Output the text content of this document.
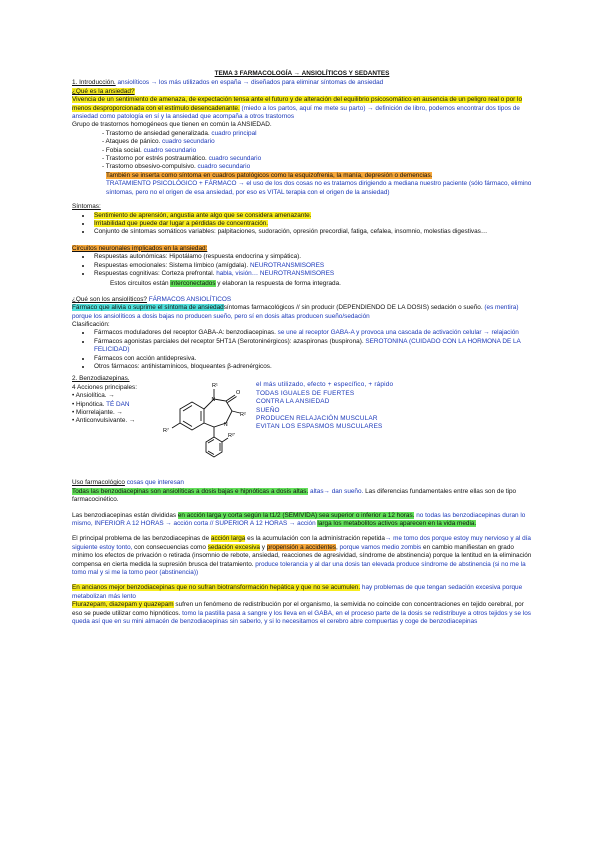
TEMA 3 FARMACOLOGÍA → ANSIOLÍTICOS Y SEDANTES

1. Introducción. ansiolíticos → los más utilizados en españa → diseñados para eliminar síntomas de ansiedad

¿Qué es la ansiedad?

Vivencia de un sentimiento de amenaza, de expectación tensa ante el futuro y de alteración del equilibrio psicosomático en ausencia de un peligro real o por lo menos desproporcionada con el estímulo desencadenante. (miedo a los partos, aquí me mete su parto) → definición de libro, podemos encontrar dos tipos de ansiedad como patología en sí y la ansiedad que acompaña a otros trastornos

Grupo de trastornos homogéneos que tienen en común la ANSIEDAD.

- Trastorno de ansiedad generalizada. cuadro principal

- Ataques de pánico. cuadro secundario

- Fobia social. cuadro secundario

- Trastorno por estrés postraumático. cuadro secundario

- Trastorno obsesivo-compulsivo. cuadro secundario

También se inserta como síntoma en cuadros patológicos como la esquizofrenia, la manía, depresión o demencias.

TRATAMIENTO PSICOLÓGICO + FÁRMACO → el uso de los dos cosas no es tratamos dirigiendo a mediana nuestro paciente (sólo fármaco, elimino síntomas, pero no el origen de esa ansiedad, por eso es VITAL terapia con el origen de la ansiedad)

Síntomas:

• Sentimiento de aprensión, angustia ante algo que se considera amenazante.
• Irritabilidad que puede dar lugar a pérdidas de concentración.
• Conjunto de síntomas somáticos variables: palpitaciones, sudoración, opresión precordial, fatiga, cefalea, insomnio, molestias digestivas…

Circuitos neuronales implicados en la ansiedad:

• Respuestas autonómicas: Hipotálamo (respuesta endocrina y simpática).
• Respuestas emocionales: Sistema límbico (amígdala). NEUROTRANSMISORES
• Respuestas cognitivas: Corteza prefrontal. habla, visión… NEUROTRANSMISORES

Estos circuitos están interconectados y elaboran la respuesta de forma integrada.

¿Qué son los ansiolíticos? FÁRMACOS ANSIOLÍTICOS

Fármaco que alivia o suprime el síntoma de ansiedadsíntomas farmacológicos // sin producir (DEPENDIENDO DE LA DOSIS) sedación o sueño. (es mentira) porque los ansiolíticos a dosis bajas no producen sueño, pero sí en dosis altas producen sueño/sedación

Clasificación:

• Fármacos moduladores del receptor GABA-A: benzodiacepinas. se une al receptor GABA-A y provoca una cascada de activación celular → relajación
• Fármacos agonistas parciales del receptor 5HT1A (Serotoninérgicos): azaspironas (buspirona). SEROTONINA (CUIDADO CON LA HORMONA DE LA FELICIDAD)
• Fármacos con acción antidepresiva.
• Otros fármacos: antihistamínicos, bloqueantes β-adrenérgicos.

2. Benzodiazepinas.

4 Acciones principales:

• Ansiolítica. →

• Hipnótica. TÉ DAN

• Miorrelajante. →

• Anticonvulsivante. →

R¹
O
R²
R⁷
R²'
N
N

el más utilizado, efecto + específico, + rápido

TODAS IGUALES DE FUERTES

CONTRA LA ANSIEDAD

SUEÑO

PRODUCEN RELAJACIÓN MUSCULAR

EVITAN LOS ESPASMOS MUSCULARES

Uso farmacológico cosas que interesan

Todas las benzodiacepinas son ansiolíticas a dosis bajas e hipnóticas a dosis altas. altas→ dan sueño. Las diferencias fundamentales entre ellas son de tipo farmacocinético.

Las benzodiacepinas están divididas en acción larga y corta según la t1/2 (SEMIVIDA) sea superior o inferior a 12 horas. no todas las benzodiacepinas duran lo mismo, INFERIOR A 12 HORAS → acción corta // SUPERIOR A 12 HORAS → acción larga los metabolitos activos aparecen en la vida media.

El principal problema de las benzodiacepinas de acción larga es la acumulación con la administración repetida→ me tomo dos porque estoy muy nervioso y al día siguiente estoy tonto, con consecuencias como sedación excesiva y propensión a accidentes, porque vamos medio zombis en cambio manifiestan en grado mínimo los efectos de privación o retirada (insomnio de rebote, ansiedad, reacciones de agresividad, síndrome de abstinencia) porque la lentitud en la eliminación compensa en cierta medida la supresión brusca del tratamiento. produce tolerancia y al dar una dosis tan elevada produce síndrome de abstinencia (si no me la tomo mal y si me la tomo peor (abstinencia))

En ancianos mejor benzodiacepinas que no sufran biotransformación hepática y que no se acumulen. hay problemas de que tengan sedación excesiva porque metabolizan más lento

Flurazepam, diazepam y quazepam sufren un fenómeno de redistribución por el organismo, la semivida no coincide con concentraciones en tejido cerebral, por eso se puede utilizar como hipnóticos. tomo la pastilla pasa a sangre y los lleva en el GABA, en el proceso parte de la dosis se redistribuye a otros tejidos y se los queda así que en su mini almacén de benzodiacepinas sin saberlo, y si lo necesitamos el cerebro abre compuertas y coge de benzodiacepinas
